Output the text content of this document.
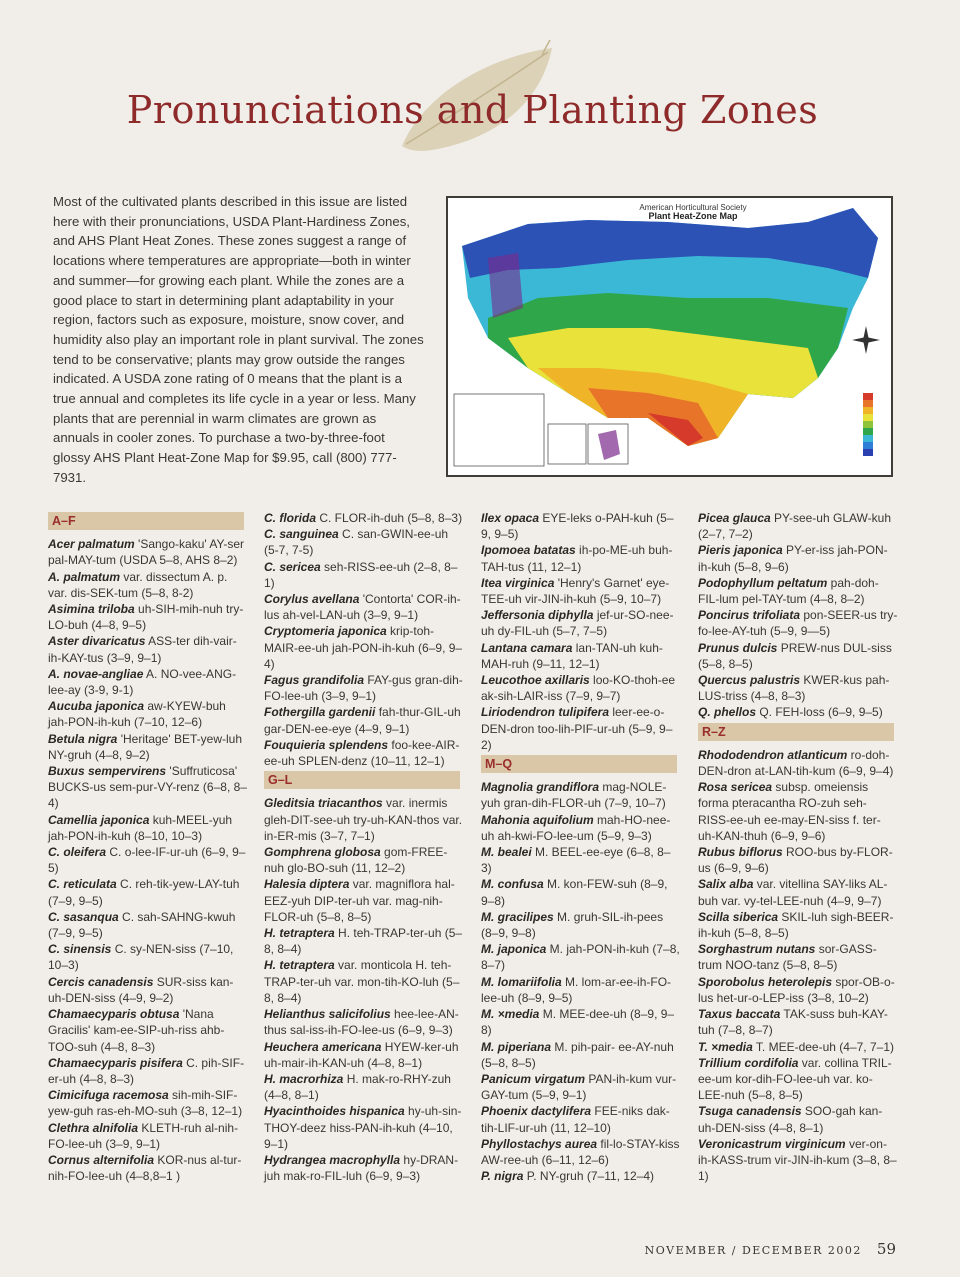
Pronunciations and Planting Zones
Most of the cultivated plants described in this issue are listed here with their pronunciations, USDA Plant-Hardiness Zones, and AHS Plant Heat Zones. These zones suggest a range of locations where temperatures are appropriate—both in winter and summer—for growing each plant. While the zones are a good place to start in determining plant adaptability in your region, factors such as exposure, moisture, snow cover, and humidity also play an important role in plant survival. The zones tend to be conservative; plants may grow outside the ranges indicated. A USDA zone rating of 0 means that the plant is a true annual and completes its life cycle in a year or less. Many plants that are perennial in warm climates are grown as annuals in cooler zones. To purchase a two-by-three-foot glossy AHS Plant Heat-Zone Map for $9.95, call (800) 777-7931.
American Horticultural Society
Plant Heat-Zone Map
A–F
Acer palmatum 'Sango-kaku' AY-ser pal-MAY-tum (USDA 5–8, AHS 8–2)
A. palmatum var. dissectum A. p. var. dis-SEK-tum (5–8, 8-2)
Asimina triloba uh-SIH-mih-nuh try-LO-buh (4–8, 9–5)
Aster divaricatus ASS-ter dih-vair-ih-KAY-tus (3–9, 9–1)
A. novae-angliae A. NO-vee-ANG-lee-ay (3-9, 9-1)
Aucuba japonica aw-KYEW-buh jah-PON-ih-kuh (7–10, 12–6)
Betula nigra 'Heritage' BET-yew-luh NY-gruh (4–8, 9–2)
Buxus sempervirens 'Suffruticosa' BUCKS-us sem-pur-VY-renz (6–8, 8–4)
Camellia japonica kuh-MEEL-yuh jah-PON-ih-kuh (8–10, 10–3)
C. oleifera C. o-lee-IF-ur-uh (6–9, 9–5)
C. reticulata C. reh-tik-yew-LAY-tuh (7–9, 9–5)
C. sasanqua C. sah-SAHNG-kwuh (7–9, 9–5)
C. sinensis C. sy-NEN-siss (7–10, 10–3)
Cercis canadensis SUR-siss kan-uh-DEN-siss (4–9, 9–2)
Chamaecyparis obtusa 'Nana Gracilis' kam-ee-SIP-uh-riss ahb-TOO-suh (4–8, 8–3)
Chamaecyparis pisifera C. pih-SIF-er-uh (4–8, 8–3)
Cimicifuga racemosa sih-mih-SIF-yew-guh ras-eh-MO-suh (3–8, 12–1)
Clethra alnifolia KLETH-ruh al-nih-FO-lee-uh (3–9, 9–1)
Cornus alternifolia KOR-nus al-tur-nih-FO-lee-uh (4–8,8–1 )
C. florida C. FLOR-ih-duh (5–8, 8–3)
C. sanguinea C. san-GWIN-ee-uh (5-7, 7-5)
C. sericea seh-RISS-ee-uh (2–8, 8–1)
Corylus avellana 'Contorta' COR-ih-lus ah-vel-LAN-uh (3–9, 9–1)
Cryptomeria japonica krip-toh-MAIR-ee-uh jah-PON-ih-kuh (6–9, 9–4)
Fagus grandifolia FAY-gus gran-dih-FO-lee-uh (3–9, 9–1)
Fothergilla gardenii fah-thur-GIL-uh gar-DEN-ee-eye (4–9, 9–1)
Fouquieria splendens foo-kee-AIR-ee-uh SPLEN-denz (10–11, 12–1)
G–L
Gleditsia triacanthos var. inermis gleh-DIT-see-uh try-uh-KAN-thos var. in-ER-mis (3–7, 7–1)
Gomphrena globosa gom-FREE-nuh glo-BO-suh (11, 12–2)
Halesia diptera var. magniflora hal-EEZ-yuh DIP-ter-uh var. mag-nih-FLOR-uh (5–8, 8–5)
H. tetraptera H. teh-TRAP-ter-uh (5–8, 8–4)
H. tetraptera var. monticola H. teh-TRAP-ter-uh var. mon-tih-KO-luh (5–8, 8–4)
Helianthus salicifolius hee-lee-AN-thus sal-iss-ih-FO-lee-us (6–9, 9–3)
Heuchera americana HYEW-ker-uh uh-mair-ih-KAN-uh (4–8, 8–1)
H. macrorhiza H. mak-ro-RHY-zuh (4–8, 8–1)
Hyacinthoides hispanica hy-uh-sin-THOY-deez hiss-PAN-ih-kuh (4–10, 9–1)
Hydrangea macrophylla hy-DRAN-juh mak-ro-FIL-luh (6–9, 9–3)
Ilex opaca EYE-leks o-PAH-kuh (5–9, 9–5)
Ipomoea batatas ih-po-ME-uh buh-TAH-tus (11, 12–1)
Itea virginica 'Henry's Garnet' eye-TEE-uh vir-JIN-ih-kuh (5–9, 10–7)
Jeffersonia diphylla jef-ur-SO-nee-uh dy-FIL-uh (5–7, 7–5)
Lantana camara lan-TAN-uh kuh-MAH-ruh (9–11, 12–1)
Leucothoe axillaris loo-KO-thoh-ee ak-sih-LAIR-iss (7–9, 9–7)
Liriodendron tulipifera leer-ee-o-DEN-dron too-lih-PIF-ur-uh (5–9, 9–2)
M–Q
Magnolia grandiflora mag-NOLE-yuh gran-dih-FLOR-uh (7–9, 10–7)
Mahonia aquifolium mah-HO-nee-uh ah-kwi-FO-lee-um (5–9, 9–3)
M. bealei M. BEEL-ee-eye (6–8, 8–3)
M. confusa M. kon-FEW-suh (8–9, 9–8)
M. gracilipes M. gruh-SIL-ih-pees (8–9, 9–8)
M. japonica M. jah-PON-ih-kuh (7–8, 8–7)
M. lomariifolia M. lom-ar-ee-ih-FO-lee-uh (8–9, 9–5)
M. ×media M. MEE-dee-uh (8–9, 9–8)
M. piperiana M. pih-pair- ee-AY-nuh (5–8, 8–5)
Panicum virgatum PAN-ih-kum vur-GAY-tum (5–9, 9–1)
Phoenix dactylifera FEE-niks dak-tih-LIF-ur-uh (11, 12–10)
Phyllostachys aurea fil-lo-STAY-kiss AW-ree-uh (6–11, 12–6)
P. nigra P. NY-gruh (7–11, 12–4)
Picea glauca PY-see-uh GLAW-kuh (2–7, 7–2)
Pieris japonica PY-er-iss jah-PON-ih-kuh (5–8, 9–6)
Podophyllum peltatum pah-doh-FIL-lum pel-TAY-tum (4–8, 8–2)
Poncirus trifoliata pon-SEER-us try-fo-lee-AY-tuh (5–9, 9—5)
Prunus dulcis PREW-nus DUL-siss (5–8, 8–5)
Quercus palustris KWER-kus pah-LUS-triss (4–8, 8–3)
Q. phellos Q. FEH-loss (6–9, 9–5)
R–Z
Rhododendron atlanticum ro-doh-DEN-dron at-LAN-tih-kum (6–9, 9–4)
Rosa sericea subsp. omeiensis forma pteracantha RO-zuh seh-RISS-ee-uh ee-may-EN-siss f. ter-uh-KAN-thuh (6–9, 9–6)
Rubus biflorus ROO-bus by-FLOR-us (6–9, 9–6)
Salix alba var. vitellina SAY-liks AL-buh var. vy-tel-LEE-nuh (4–9, 9–7)
Scilla siberica SKIL-luh sigh-BEER-ih-kuh (5–8, 8–5)
Sorghastrum nutans sor-GASS-trum NOO-tanz (5–8, 8–5)
Sporobolus heterolepis spor-OB-o-lus het-ur-o-LEP-iss (3–8, 10–2)
Taxus baccata TAK-suss buh-KAY-tuh (7–8, 8–7)
T. ×media T. MEE-dee-uh (4–7, 7–1)
Trillium cordifolia var. collina TRIL-ee-um kor-dih-FO-lee-uh var. ko-LEE-nuh (5–8, 8–5)
Tsuga canadensis SOO-gah kan-uh-DEN-siss (4–8, 8–1)
Veronicastrum virginicum ver-on-ih-KASS-trum vir-JIN-ih-kum (3–8, 8–1)
NOVEMBER / DECEMBER 2002 59
